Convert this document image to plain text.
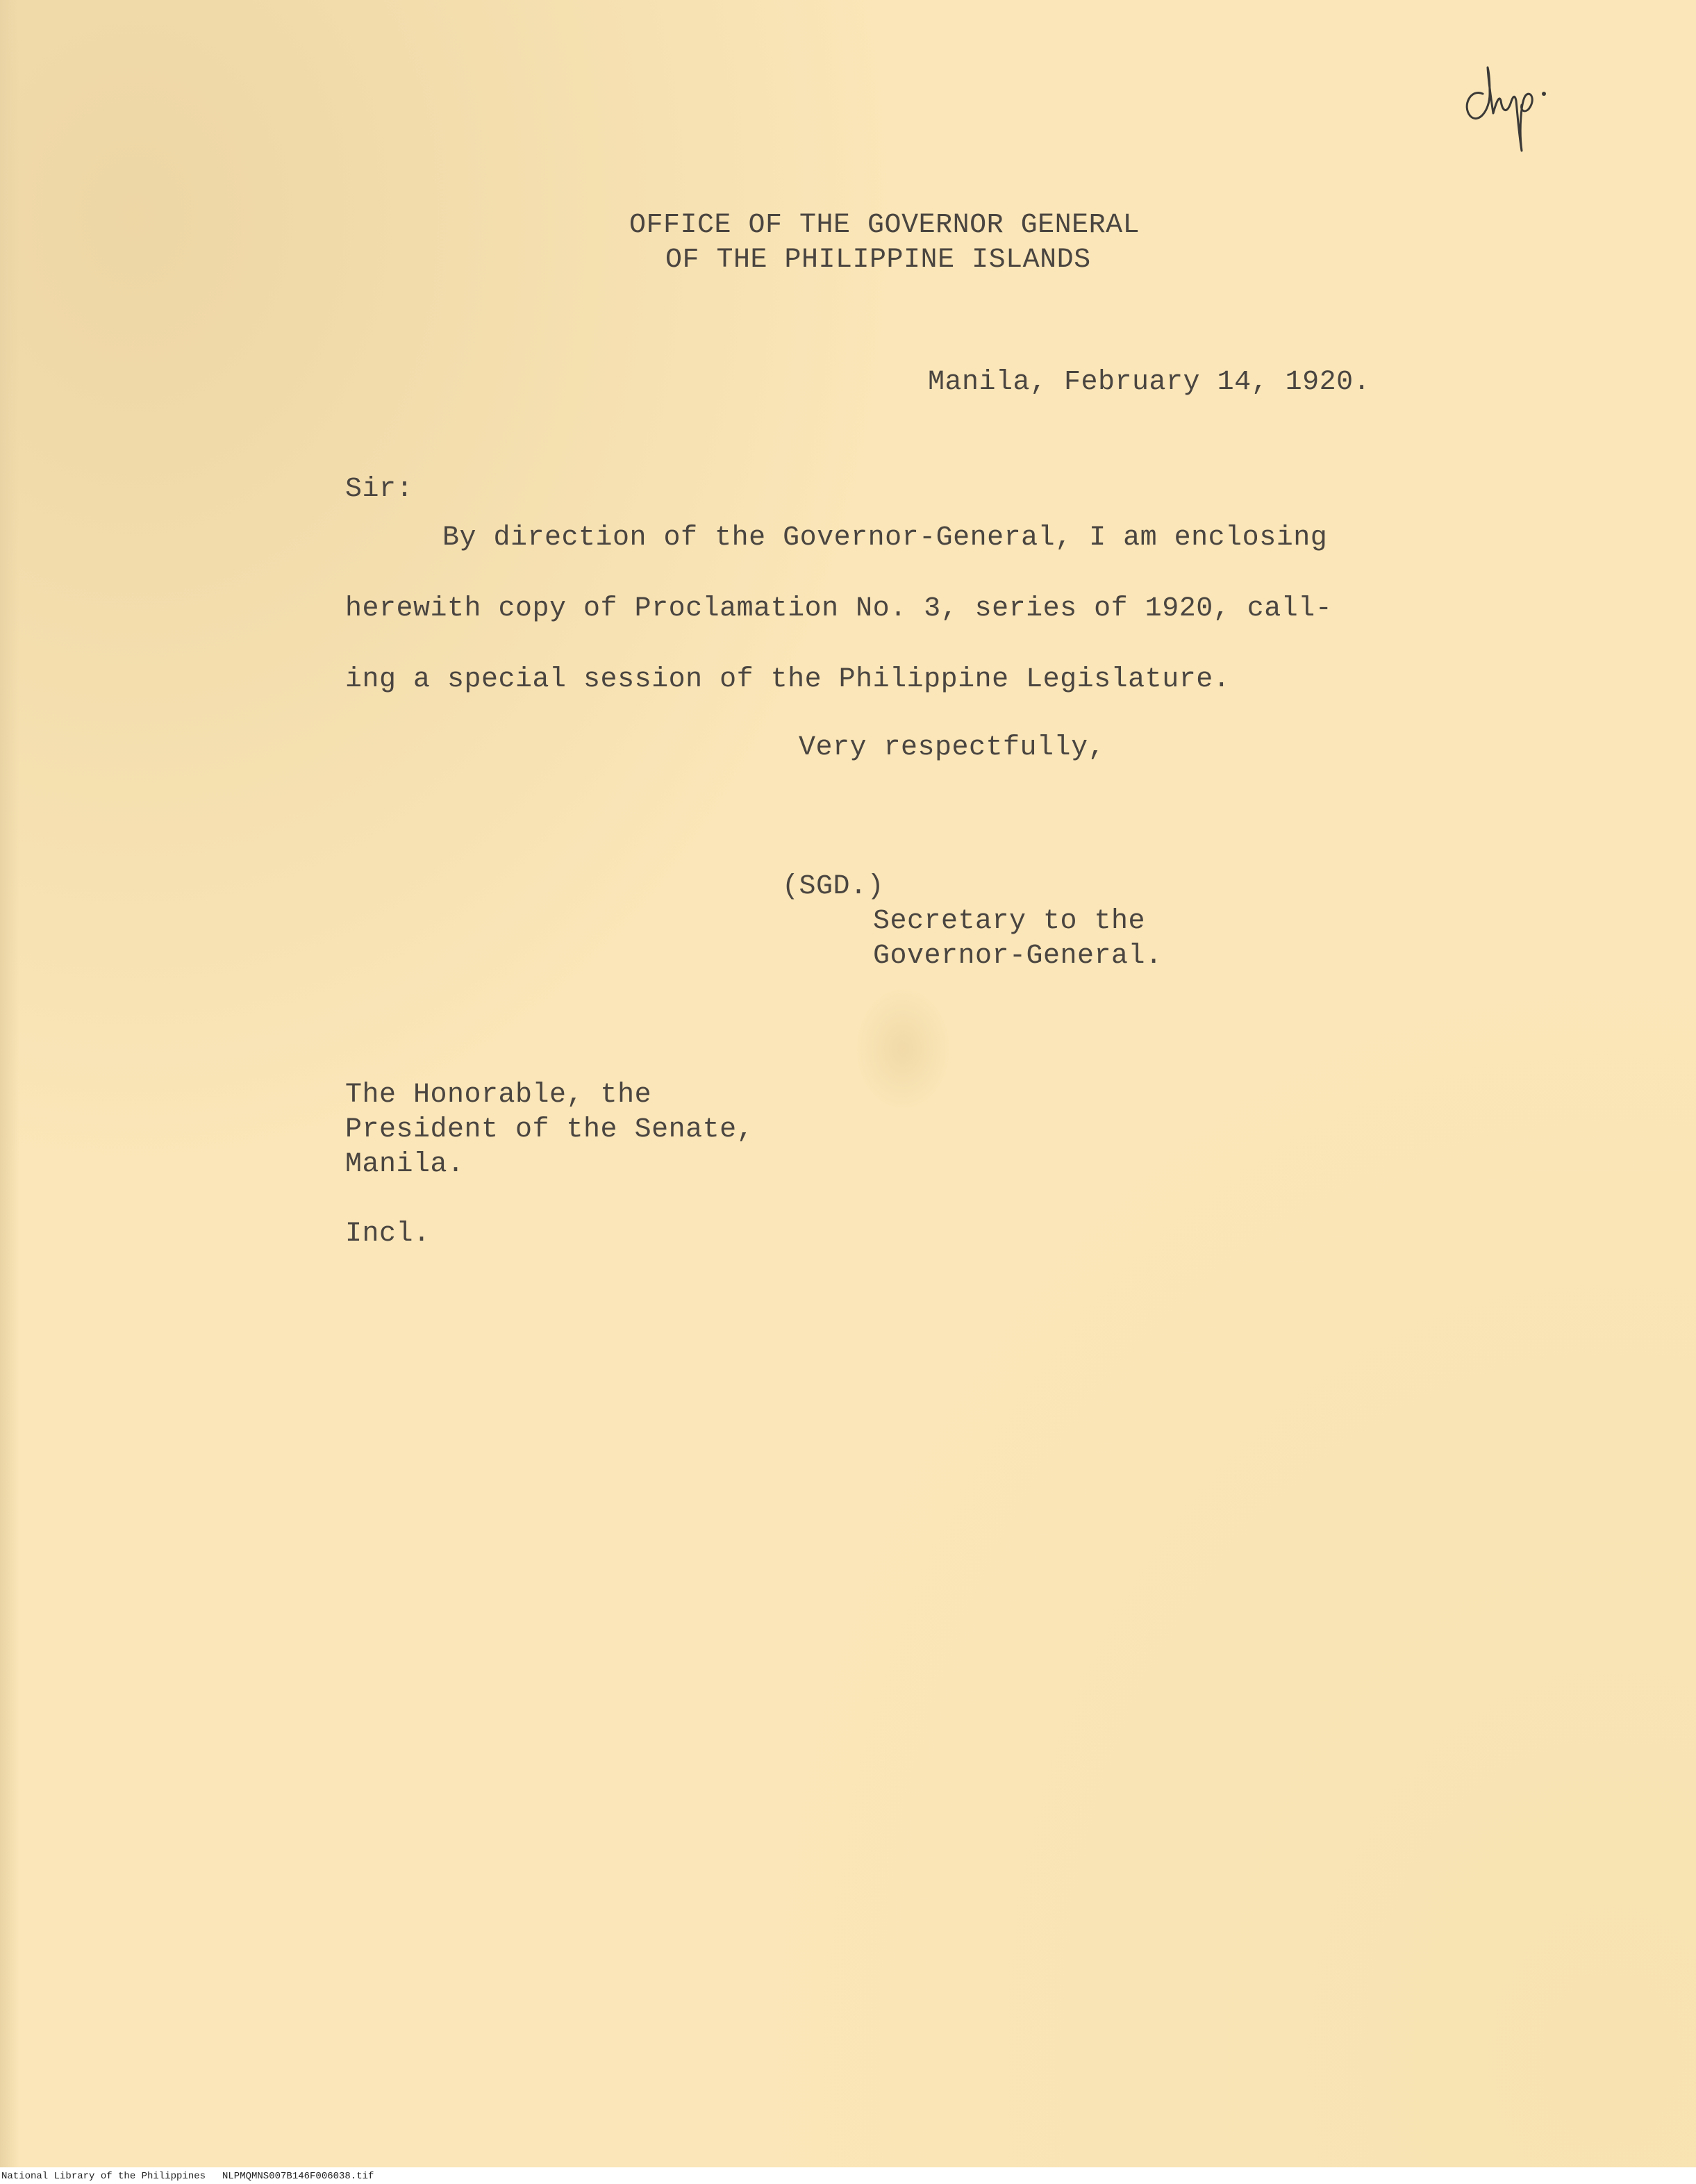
OFFICE OF THE GOVERNOR GENERAL

OF THE PHILIPPINE ISLANDS

Manila, February 14, 1920.

Sir:

By direction of the Governor-General, I am enclosing

herewith copy of Proclamation No. 3, series of 1920, call-

ing a special session of the Philippine Legislature.

Very respectfully,

(SGD.)

Secretary to the

Governor-General.

The Honorable, the

President of the Senate,

Manila.

Incl.

National Library of the Philippines NLPMQMNS007B146F006038.tif
